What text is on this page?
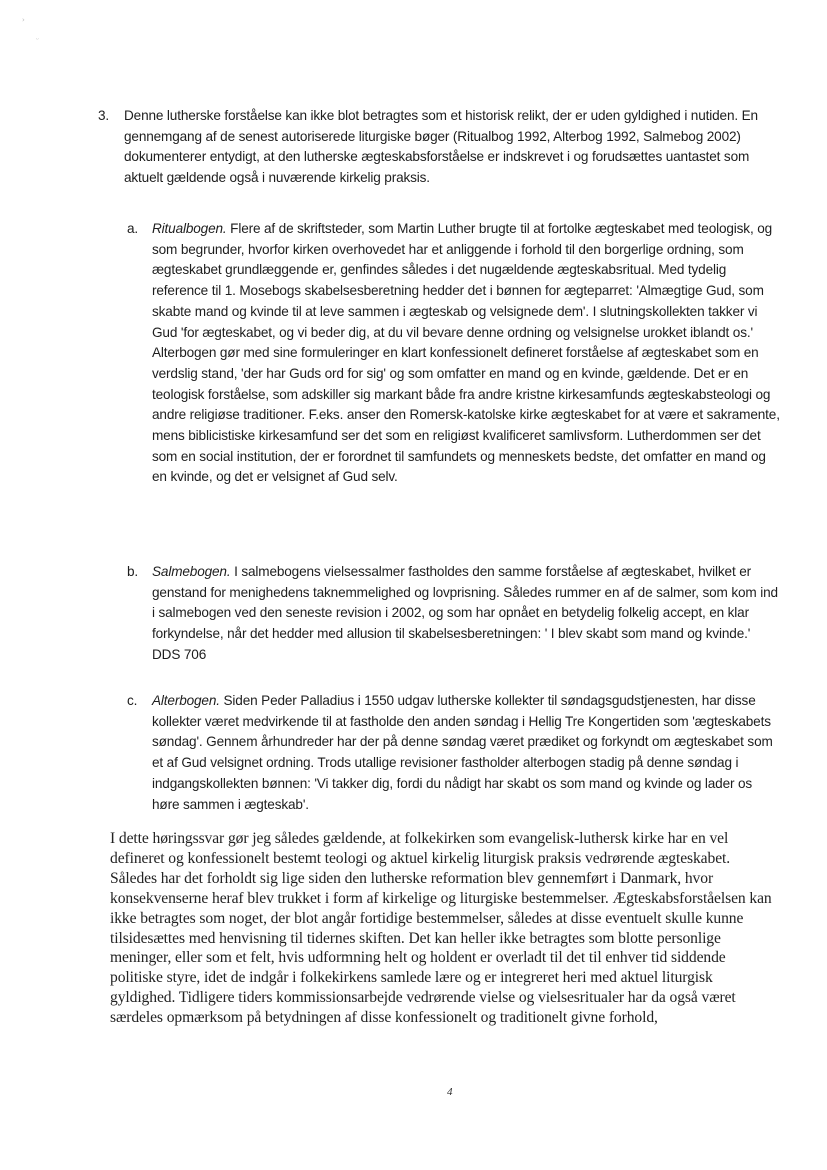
›
ᵕ
3. Denne lutherske forståelse kan ikke blot betragtes som et historisk relikt, der er uden gyldighed i nutiden. En gennemgang af de senest autoriserede liturgiske bøger (Ritualbog 1992, Alterbog 1992, Salmebog 2002) dokumenterer entydigt, at den lutherske ægteskabsforståelse er indskrevet i og forudsættes uantastet som aktuelt gældende også i nuværende kirkelig praksis.

a. Ritualbogen. Flere af de skriftsteder, som Martin Luther brugte til at fortolke ægteskabet med teologisk, og som begrunder, hvorfor kirken overhovedet har et anliggende i forhold til den borgerlige ordning, som ægteskabet grundlæggende er, genfindes således i det nugældende ægteskabsritual. Med tydelig reference til 1. Mosebogs skabelsesberetning hedder det i bønnen for ægteparret: 'Almægtige Gud, som skabte mand og kvinde til at leve sammen i ægteskab og velsignede dem'. I slutningskollekten takker vi Gud 'for ægteskabet, og vi beder dig, at du vil bevare denne ordning og velsignelse urokket iblandt os.' Alterbogen gør med sine formuleringer en klart konfessionelt defineret forståelse af ægteskabet som en verdslig stand, 'der har Guds ord for sig' og som omfatter en mand og en kvinde, gældende. Det er en teologisk forståelse, som adskiller sig markant både fra andre kristne kirkesamfunds ægteskabsteologi og andre religiøse traditioner. F.eks. anser den Romersk-katolske kirke ægteskabet for at være et sakramente, mens biblicistiske kirkesamfund ser det som en religiøst kvalificeret samlivsform. Lutherdommen ser det som en social institution, der er forordnet til samfundets og menneskets bedste, det omfatter en mand og en kvinde, og det er velsignet af Gud selv.

b. Salmebogen. I salmebogens vielsessalmer fastholdes den samme forståelse af ægteskabet, hvilket er genstand for menighedens taknemmelighed og lovprisning. Således rummer en af de salmer, som kom ind i salmebogen ved den seneste revision i 2002, og som har opnået en betydelig folkelig accept, en klar forkyndelse, når det hedder med allusion til skabelsesberetningen: ' I blev skabt som mand og kvinde.' DDS 706

c. Alterbogen. Siden Peder Palladius i 1550 udgav lutherske kollekter til søndagsgudstjenesten, har disse kollekter været medvirkende til at fastholde den anden søndag i Hellig Tre Kongertiden som 'ægteskabets søndag'. Gennem århundreder har der på denne søndag været prædiket og forkyndt om ægteskabet som et af Gud velsignet ordning. Trods utallige revisioner fastholder alterbogen stadig på denne søndag i indgangskollekten bønnen: 'Vi takker dig, fordi du nådigt har skabt os som mand og kvinde og lader os høre sammen i ægteskab'.

I dette høringssvar gør jeg således gældende, at folkekirken som evangelisk-luthersk kirke har en vel defineret og konfessionelt bestemt teologi og aktuel kirkelig liturgisk praksis vedrørende ægteskabet. Således har det forholdt sig lige siden den lutherske reformation blev gennemført i Danmark, hvor konsekvenserne heraf blev trukket i form af kirkelige og liturgiske bestemmelser. Ægteskabsforståelsen kan ikke betragtes som noget, der blot angår fortidige bestemmelser, således at disse eventuelt skulle kunne tilsidesættes med henvisning til tidernes skiften. Det kan heller ikke betragtes som blotte personlige meninger, eller som et felt, hvis udformning helt og holdent er overladt til det til enhver tid siddende politiske styre, idet de indgår i folkekirkens samlede lære og er integreret heri med aktuel liturgisk gyldighed. Tidligere tiders kommissionsarbejde vedrørende vielse og vielsesritualer har da også været særdeles opmærksom på betydningen af disse konfessionelt og traditionelt givne forhold,

4
